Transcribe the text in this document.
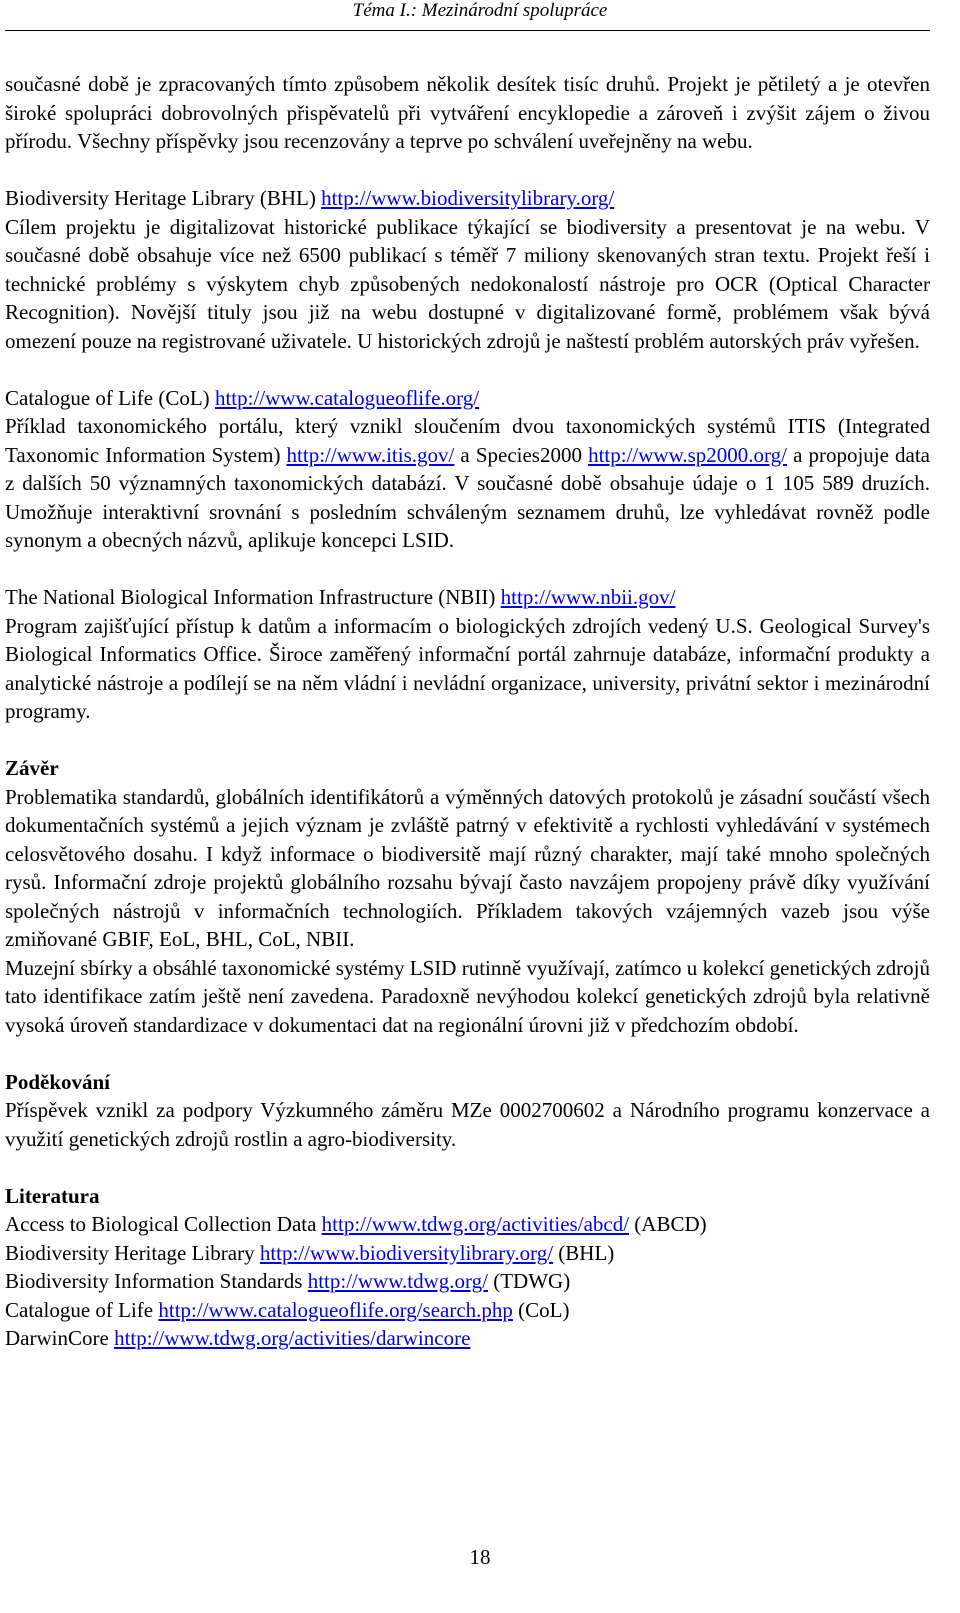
Téma I.: Mezinárodní spolupráce

současné době je zpracovaných tímto způsobem několik desítek tisíc druhů. Projekt je pětiletý a je otevřen široké spolupráci dobrovolných přispěvatelů při vytváření encyklopedie a zároveň i zvýšit zájem o živou přírodu. Všechny příspěvky jsou recenzovány a teprve po schválení uveřejněny na webu.

Biodiversity Heritage Library (BHL) http://www.biodiversitylibrary.org/

Cílem projektu je digitalizovat historické publikace týkající se biodiversity a presentovat je na webu. V současné době obsahuje více než 6500 publikací s téměř 7 miliony skenovaných stran textu. Projekt řeší i technické problémy s výskytem chyb způsobených nedokonalostí nástroje pro OCR (Optical Character Recognition). Novější tituly jsou již na webu dostupné v digitalizované formě, problémem však bývá omezení pouze na registrované uživatele. U historických zdrojů je naštestí problém autorských práv vyřešen.

Catalogue of Life (CoL) http://www.catalogueoflife.org/

Příklad taxonomického portálu, který vznikl sloučením dvou taxonomických systémů ITIS (Integrated Taxonomic Information System) http://www.itis.gov/ a Species2000 http://www.sp2000.org/ a propojuje data z dalších 50 významných taxonomických databází. V současné době obsahuje údaje o 1 105 589 druzích. Umožňuje interaktivní srovnání s posledním schváleným seznamem druhů, lze vyhledávat rovněž podle synonym a obecných názvů, aplikuje koncepci LSID.

The National Biological Information Infrastructure (NBII) http://www.nbii.gov/

Program zajišťující přístup k datům a informacím o biologických zdrojích vedený U.S. Geological Survey's Biological Informatics Office. Široce zaměřený informační portál zahrnuje databáze, informační produkty a analytické nástroje a podílejí se na něm vládní i nevládní organizace, university, privátní sektor i mezinárodní programy.

Závěr

Problematika standardů, globálních identifikátorů a výměnných datových protokolů je zásadní součástí všech dokumentačních systémů a jejich význam je zvláště patrný v efektivitě a rychlosti vyhledávání v systémech celosvětového dosahu. I když informace o biodiversitě mají různý charakter, mají také mnoho společných rysů. Informační zdroje projektů globálního rozsahu bývají často navzájem propojeny právě díky využívání společných nástrojů v informačních technologiích. Příkladem takových vzájemných vazeb jsou výše zmiňované GBIF, EoL, BHL, CoL, NBII.

Muzejní sbírky a obsáhlé taxonomické systémy LSID rutinně využívají, zatímco u kolekcí genetických zdrojů tato identifikace zatím ještě není zavedena. Paradoxně nevýhodou kolekcí genetických zdrojů byla relativně vysoká úroveň standardizace v dokumentaci dat na regionální úrovni již v předchozím období.

Poděkování

Příspěvek vznikl za podpory Výzkumného záměru MZe 0002700602 a Národního programu konzervace a využití genetických zdrojů rostlin a agro-biodiversity.

Literatura

Access to Biological Collection Data http://www.tdwg.org/activities/abcd/ (ABCD)

Biodiversity Heritage Library http://www.biodiversitylibrary.org/ (BHL)

Biodiversity Information Standards http://www.tdwg.org/ (TDWG)

Catalogue of Life http://www.catalogueoflife.org/search.php (CoL)

DarwinCore http://www.tdwg.org/activities/darwincore

18
